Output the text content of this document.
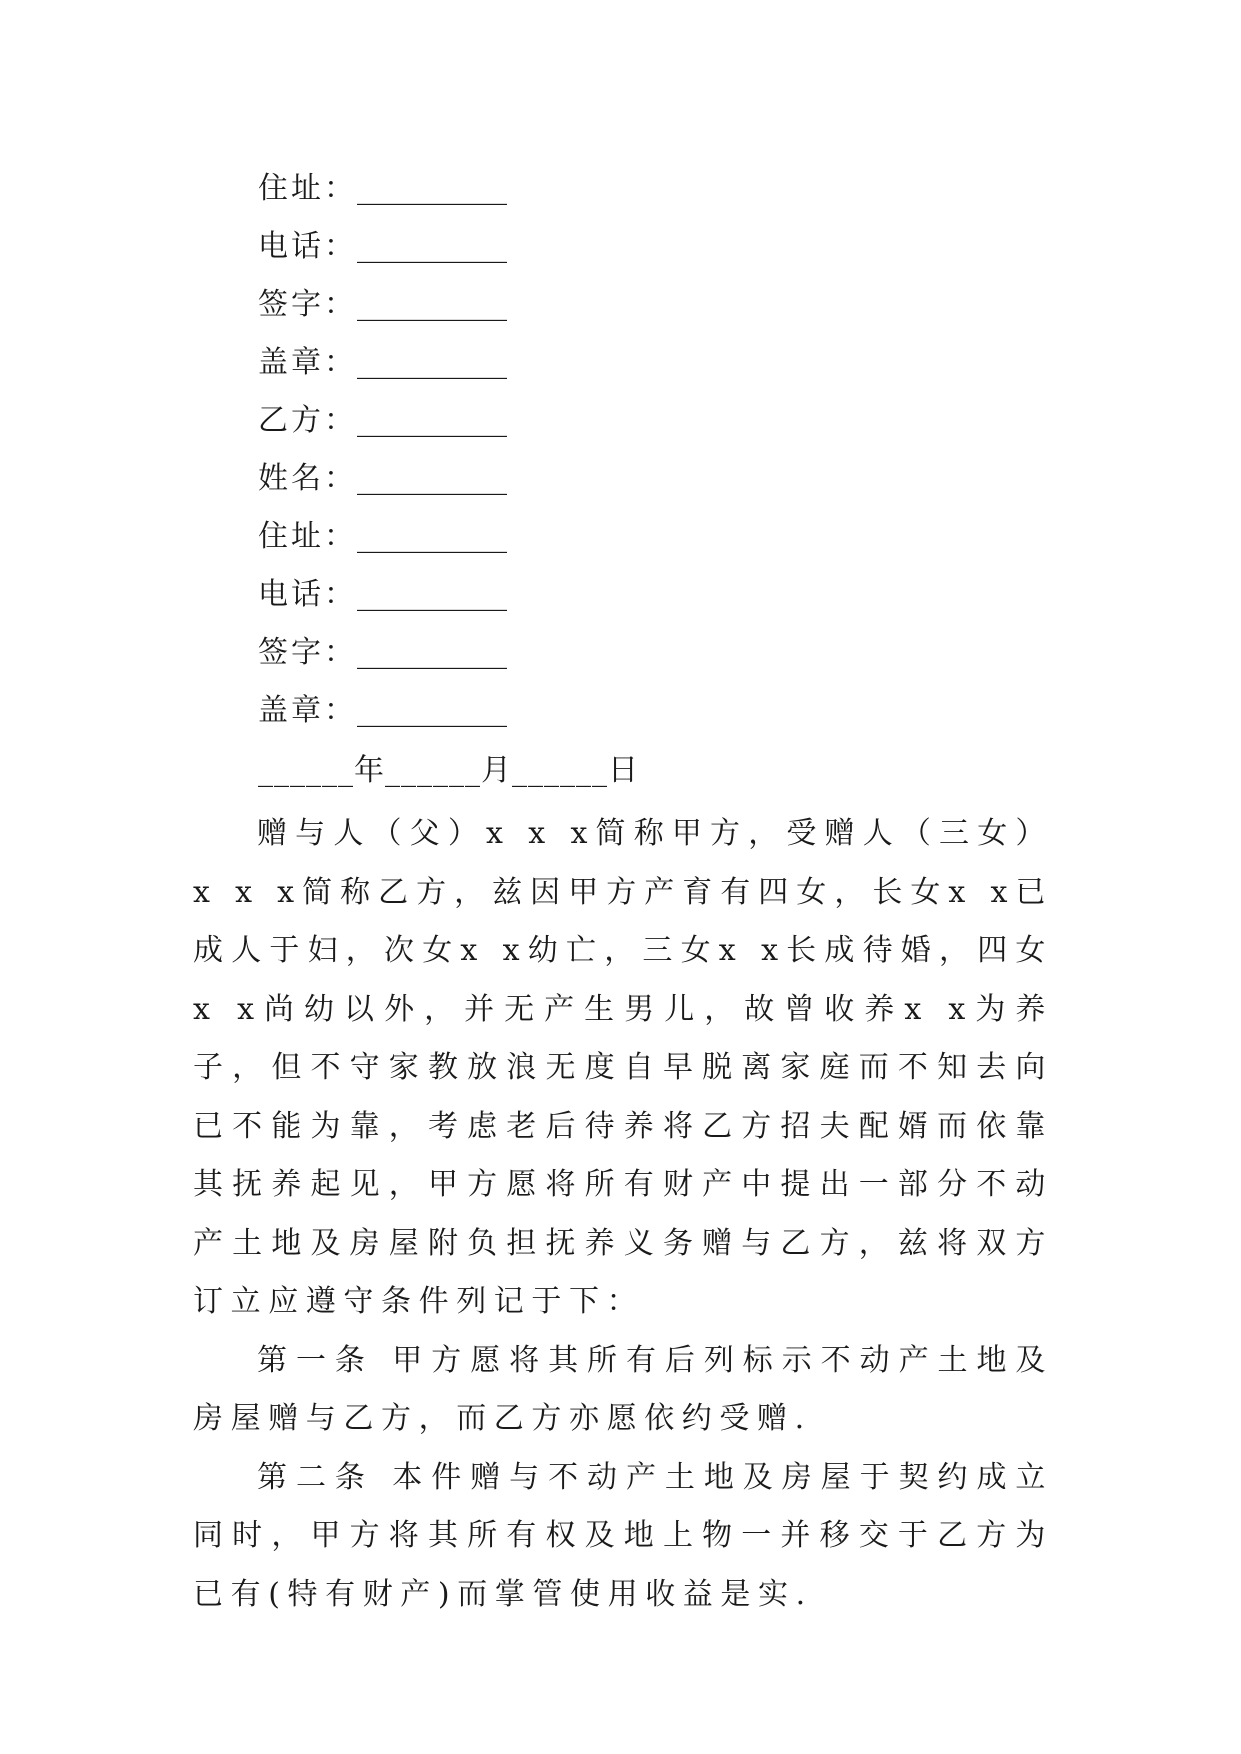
住址： __________
电话： __________
签字： __________
盖章： __________
乙方： __________
姓名： __________
住址： __________
电话： __________
签字： __________
盖章： __________
______年______月______日

赠与人（父）x x x简称甲方，受赠人（三女）x x x简称乙方，兹因甲方产育有四女，长女x x已成人于妇，次女x x幼亡，三女x x长成待婚，四女x x尚幼以外，并无产生男儿，故曾收养x x为养子，但不守家教放浪无度自早脱离家庭而不知去向已不能为靠，考虑老后待养将乙方招夫配婿而依靠其抚养起见，甲方愿将所有财产中提出一部分不动产土地及房屋附负担抚养义务赠与乙方，兹将双方订立应遵守条件列记于下：

第一条 甲方愿将其所有后列标示不动产土地及房屋赠与乙方，而乙方亦愿依约受赠.

第二条 本件赠与不动产土地及房屋于契约成立同时，甲方将其所有权及地上物一并移交于乙方为已有(特有财产)而掌管使用收益是实.
